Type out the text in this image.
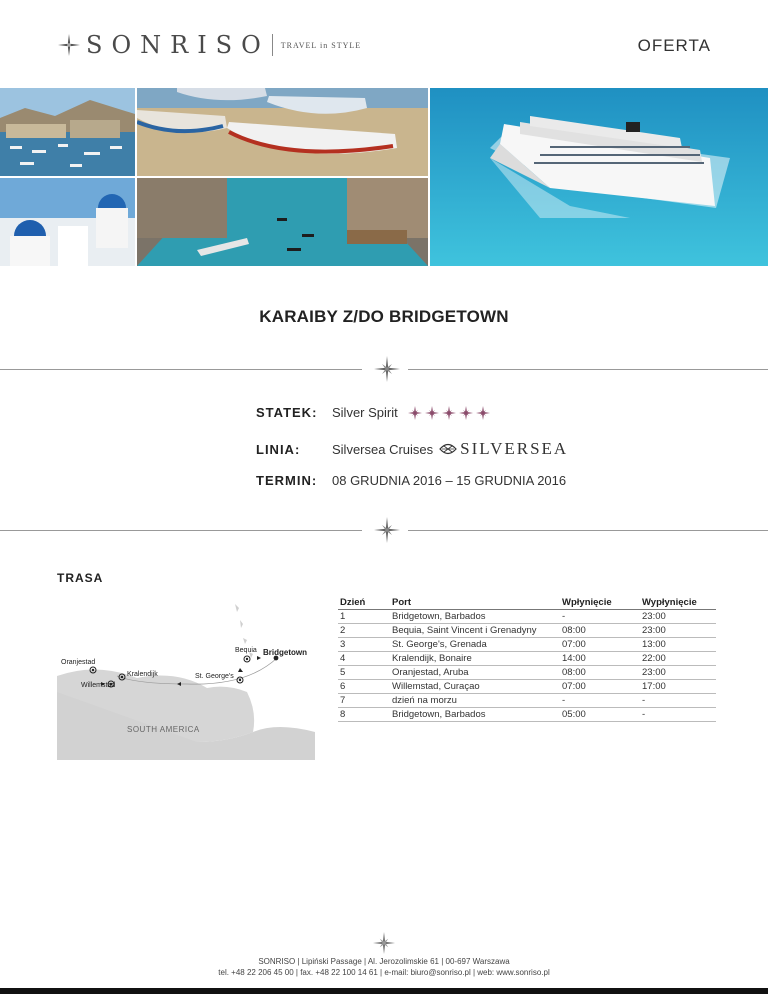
SONRISO TRAVEL in STYLE	OFERTA
KARAIBY Z/DO BRIDGETOWN
STATEK:	Silver Spirit
LINIA:	Silversea Cruises SILVERSEA
TERMIN:	08 GRUDNIA 2016 – 15 GRUDNIA 2016
TRASA
Bequia Bridgetown
St. George's
Oranjestad
Kralendijk
Willemstad
SOUTH AMERICA
Dzień	Port	Wpłynięcie	Wypłynięcie
1	Bridgetown, Barbados	-	23:00
2	Bequia, Saint Vincent i Grenadyny	08:00	23:00
3	St. George's, Grenada	07:00	13:00
4	Kralendijk, Bonaire	14:00	22:00
5	Oranjestad, Aruba	08:00	23:00
6	Willemstad, Curaçao	07:00	17:00
7	dzień na morzu	-	-
8	Bridgetown, Barbados	05:00	-
SONRISO | Lipiński Passage | Al. Jerozolimskie 61 | 00-697 Warszawa
tel. +48 22 206 45 00 | fax. +48 22 100 14 61 | e-mail: biuro@sonriso.pl | web: www.sonriso.pl
